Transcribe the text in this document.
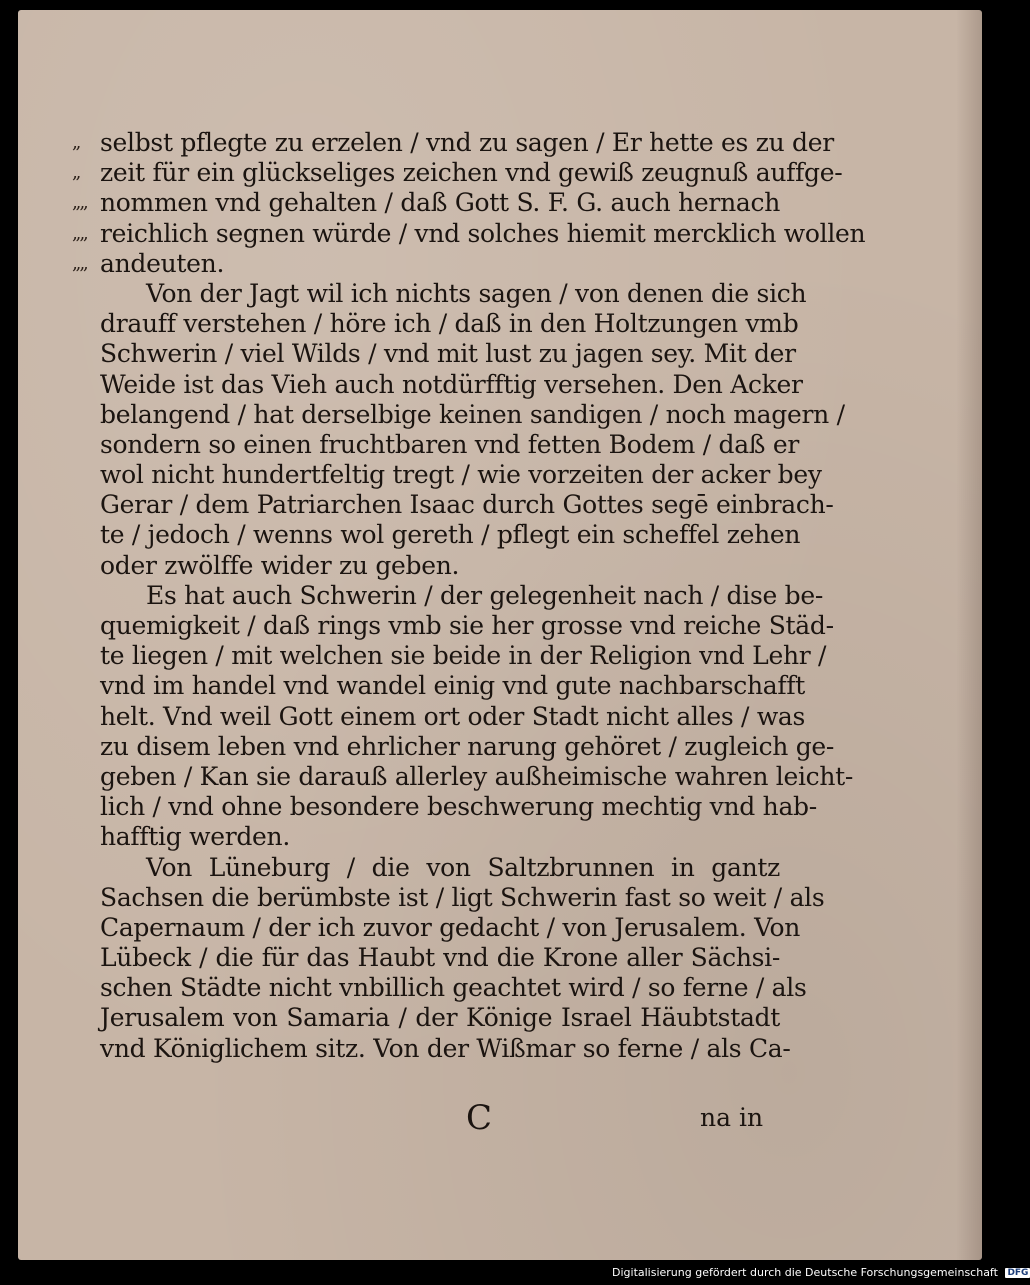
„ selbst pflegte zu erzelen / vnd zu sagen / Er hette es zu der
„ zeit für ein glückseliges zeichen vnd gewiß zeugnuß auffge-
„„ nommen vnd gehalten / daß Gott S. F. G. auch hernach
„„ reichlich segnen würde / vnd solches hiemit mercklich wollen
„„ andeuten.
Von der Jagt wil ich nichts sagen / von denen die sich
drauff verstehen / höre ich / daß in den Holtzungen vmb
Schwerin / viel Wilds / vnd mit lust zu jagen sey. Mit der
Weide ist das Vieh auch notdürfftig versehen. Den Acker
belangend / hat derselbige keinen sandigen / noch magern /
sondern so einen fruchtbaren vnd fetten Bodem / daß er
wol nicht hundertfeltig tregt / wie vorzeiten der acker bey
Gerar / dem Patriarchen Isaac durch Gottes segē einbrach-
te / jedoch / wenns wol gereth / pflegt ein scheffel zehen
oder zwölffe wider zu geben.
Es hat auch Schwerin / der gelegenheit nach / dise be-
quemigkeit / daß rings vmb sie her grosse vnd reiche Städ-
te liegen / mit welchen sie beide in der Religion vnd Lehr /
vnd im handel vnd wandel einig vnd gute nachbarschafft
helt. Vnd weil Gott einem ort oder Stadt nicht alles / was
zu disem leben vnd ehrlicher narung gehöret / zugleich ge-
geben / Kan sie darauß allerley außheimische wahren leicht-
lich / vnd ohne besondere beschwerung mechtig vnd hab-
hafftig werden.
Von Lüneburg / die von Saltzbrunnen in gantz
Sachsen die berümbste ist / ligt Schwerin fast so weit / als
Capernaum / der ich zuvor gedacht / von Jerusalem. Von
Lübeck / die für das Haubt vnd die Krone aller Sächsi-
schen Städte nicht vnbillich geachtet wird / so ferne / als
Jerusalem von Samaria / der Könige Israel Häubtstadt
vnd Königlichem sitz. Von der Wißmar so ferne / als Ca-
C	na in
Digitalisierung gefördert durch die Deutsche Forschungsgemeinschaft DFG
